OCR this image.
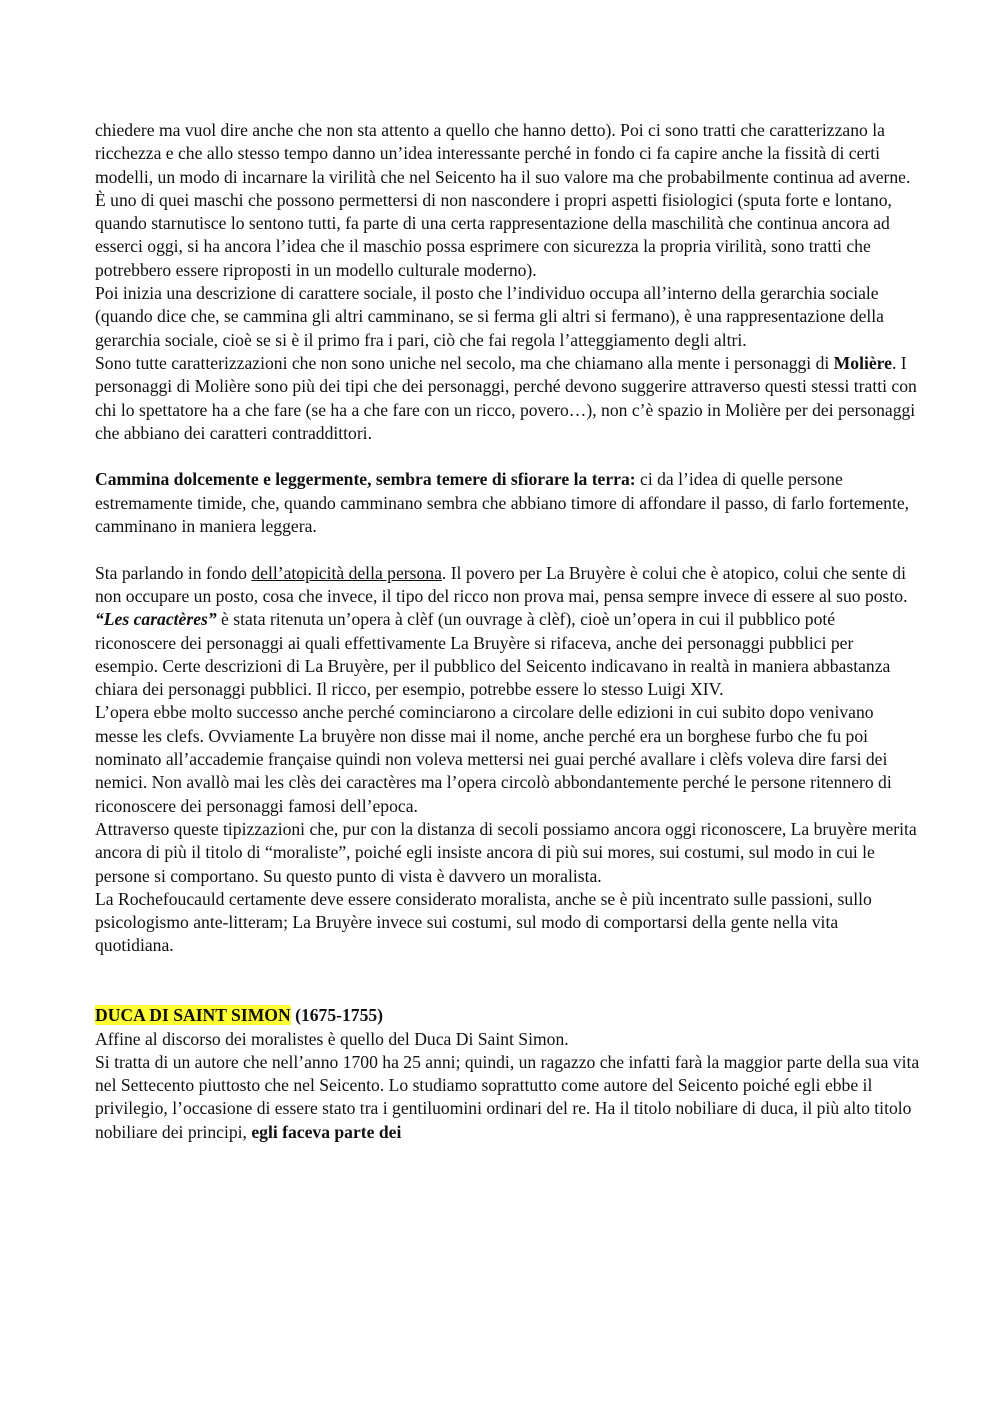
chiedere ma vuol dire anche che non sta attento a quello che hanno detto). Poi ci sono tratti che caratterizzano la ricchezza e che allo stesso tempo danno un’idea interessante perché in fondo ci fa capire anche la fissità di certi modelli, un modo di incarnare la virilità che nel Seicento ha il suo valore ma che probabilmente continua ad averne. È uno di quei maschi che possono permettersi di non nascondere i propri aspetti fisiologici (sputa forte e lontano, quando starnutisce lo sentono tutti, fa parte di una certa rappresentazione della maschilità che continua ancora ad esserci oggi, si ha ancora l’idea che il maschio possa esprimere con sicurezza la propria virilità, sono tratti che potrebbero essere riproposti in un modello culturale moderno).

Poi inizia una descrizione di carattere sociale, il posto che l’individuo occupa all’interno della gerarchia sociale (quando dice che, se cammina gli altri camminano, se si ferma gli altri si fermano), è una rappresentazione della gerarchia sociale, cioè se si è il primo fra i pari, ciò che fai regola l’atteggiamento degli altri.

Sono tutte caratterizzazioni che non sono uniche nel secolo, ma che chiamano alla mente i personaggi di Molière. I personaggi di Molière sono più dei tipi che dei personaggi, perché devono suggerire attraverso questi stessi tratti con chi lo spettatore ha a che fare (se ha a che fare con un ricco, povero…), non c’è spazio in Molière per dei personaggi che abbiano dei caratteri contraddittori.

Cammina dolcemente e leggermente, sembra temere di sfiorare la terra: ci da l’idea di quelle persone estremamente timide, che, quando camminano sembra che abbiano timore di affondare il passo, di farlo fortemente, camminano in maniera leggera.

Sta parlando in fondo dell’atopicità della persona. Il povero per La Bruyère è colui che è atopico, colui che sente di non occupare un posto, cosa che invece, il tipo del ricco non prova mai, pensa sempre invece di essere al suo posto.

“Les caractères” è stata ritenuta un’opera à clèf (un ouvrage à clèf), cioè un’opera in cui il pubblico poté riconoscere dei personaggi ai quali effettivamente La Bruyère si rifaceva, anche dei personaggi pubblici per esempio. Certe descrizioni di La Bruyère, per il pubblico del Seicento indicavano in realtà in maniera abbastanza chiara dei personaggi pubblici. Il ricco, per esempio, potrebbe essere lo stesso Luigi XIV.

L’opera ebbe molto successo anche perché cominciarono a circolare delle edizioni in cui subito dopo venivano messe les clefs. Ovviamente La bruyère non disse mai il nome, anche perché era un borghese furbo che fu poi nominato all’accademie française quindi non voleva mettersi nei guai perché avallare i clèfs voleva dire farsi dei nemici. Non avallò mai les clès dei caractères ma l’opera circolò abbondantemente perché le persone ritennero di riconoscere dei personaggi famosi dell’epoca.

Attraverso queste tipizzazioni che, pur con la distanza di secoli possiamo ancora oggi riconoscere, La bruyère merita ancora di più il titolo di “moraliste”, poiché egli insiste ancora di più sui mores, sui costumi, sul modo in cui le persone si comportano. Su questo punto di vista è davvero un moralista.

La Rochefoucauld certamente deve essere considerato moralista, anche se è più incentrato sulle passioni, sullo psicologismo ante-litteram; La Bruyère invece sui costumi, sul modo di comportarsi della gente nella vita quotidiana.

DUCA DI SAINT SIMON (1675-1755)

Affine al discorso dei moralistes è quello del Duca Di Saint Simon.

Si tratta di un autore che nell’anno 1700 ha 25 anni; quindi, un ragazzo che infatti farà la maggior parte della sua vita nel Settecento piuttosto che nel Seicento. Lo studiamo soprattutto come autore del Seicento poiché egli ebbe il privilegio, l’occasione di essere stato tra i gentiluomini ordinari del re. Ha il titolo nobiliare di duca, il più alto titolo nobiliare dei principi, egli faceva parte dei
